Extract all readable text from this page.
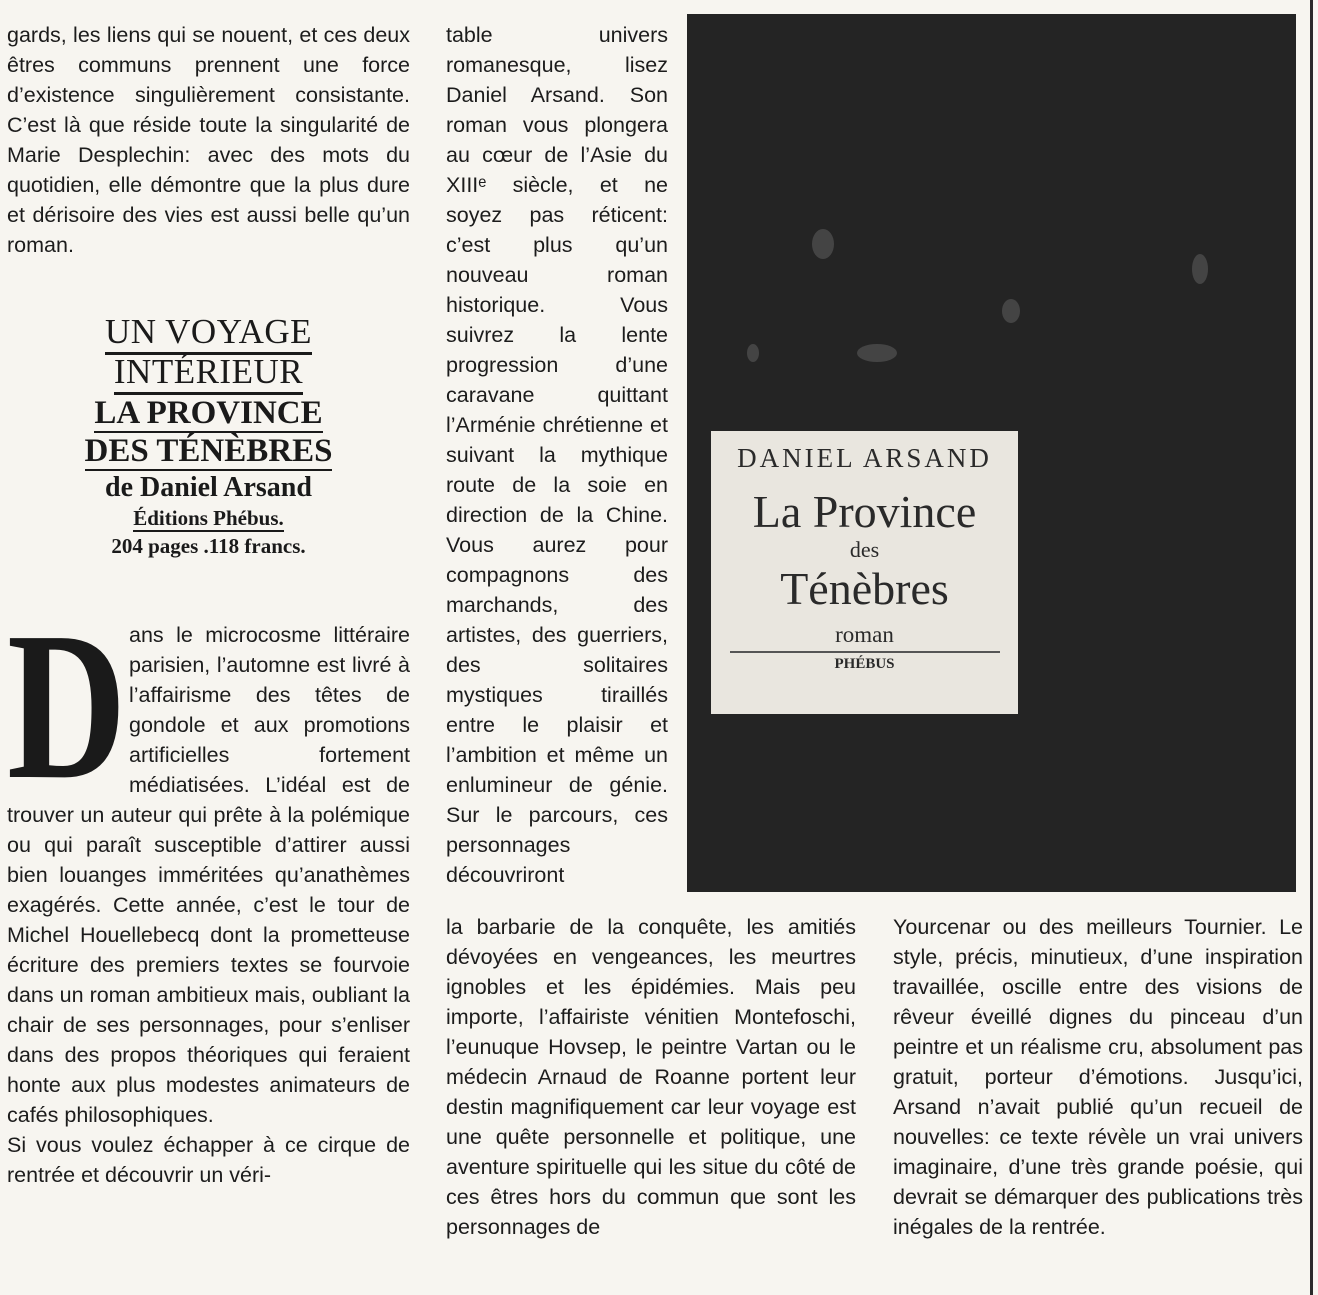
gards, les liens qui se nouent, et ces deux êtres communs prennent une force d’existence singulièrement consistante. C’est là que réside toute la singularité de Marie Desplechin: avec des mots du quotidien, elle démontre que la plus dure et dérisoire des vies est aussi belle qu’un roman.

UN VOYAGE INTÉRIEUR
LA PROVINCE
DES TÉNÈBRES
de Daniel Arsand
Éditions Phébus.
204 pages .118 francs.
D ans le microcosme littéraire parisien, l’automne est livré à l’affairisme des têtes de gondole et aux promotions artificielles fortement médiatisées. L’idéal est de trouver un auteur qui prête à la polémique ou qui paraît susceptible d’attirer aussi bien louanges imméritées qu’anathèmes exagérés. Cette année, c’est le tour de Michel Houellebecq dont la prometteuse écriture des premiers textes se fourvoie dans un roman ambitieux mais, oubliant la chair de ses personnages, pour s’enliser dans des propos théoriques qui feraient honte aux plus modestes animateurs de cafés philosophiques.

Si vous voulez échapper à ce cirque de rentrée et découvrir un véri-

table univers romanesque, lisez Daniel Arsand. Son roman vous plongera au cœur de l’Asie du XIIIᵉ siècle, et ne soyez pas réticent: c’est plus qu’un nouveau roman historique. Vous suivrez la lente progression d’une caravane quittant l’Arménie chrétienne et suivant la mythique route de la soie en direction de la Chine. Vous aurez pour compagnons des marchands, des artistes, des guerriers, des solitaires mystiques tiraillés entre le plaisir et l’ambition et même un enlumineur de génie. Sur le parcours, ces personnages découvriront

DANIEL ARSAND
La Province
des
Ténèbres
roman
PHÉBUS

la barbarie de la conquête, les amitiés dévoyées en vengeances, les meurtres ignobles et les épidémies. Mais peu importe, l’affairiste vénitien Montefoschi, l’eunuque Hovsep, le peintre Vartan ou le médecin Arnaud de Roanne portent leur destin magnifiquement car leur voyage est une quête personnelle et politique, une aventure spirituelle qui les situe du côté de ces êtres hors du commun que sont les personnages de

Yourcenar ou des meilleurs Tournier. Le style, précis, minutieux, d’une inspiration travaillée, oscille entre des visions de rêveur éveillé dignes du pinceau d’un peintre et un réalisme cru, absolument pas gratuit, porteur d’émotions. Jusqu’ici, Arsand n’avait publié qu’un recueil de nouvelles: ce texte révèle un vrai univers imaginaire, d’une très grande poésie, qui devrait se démarquer des publications très inégales de la rentrée.
